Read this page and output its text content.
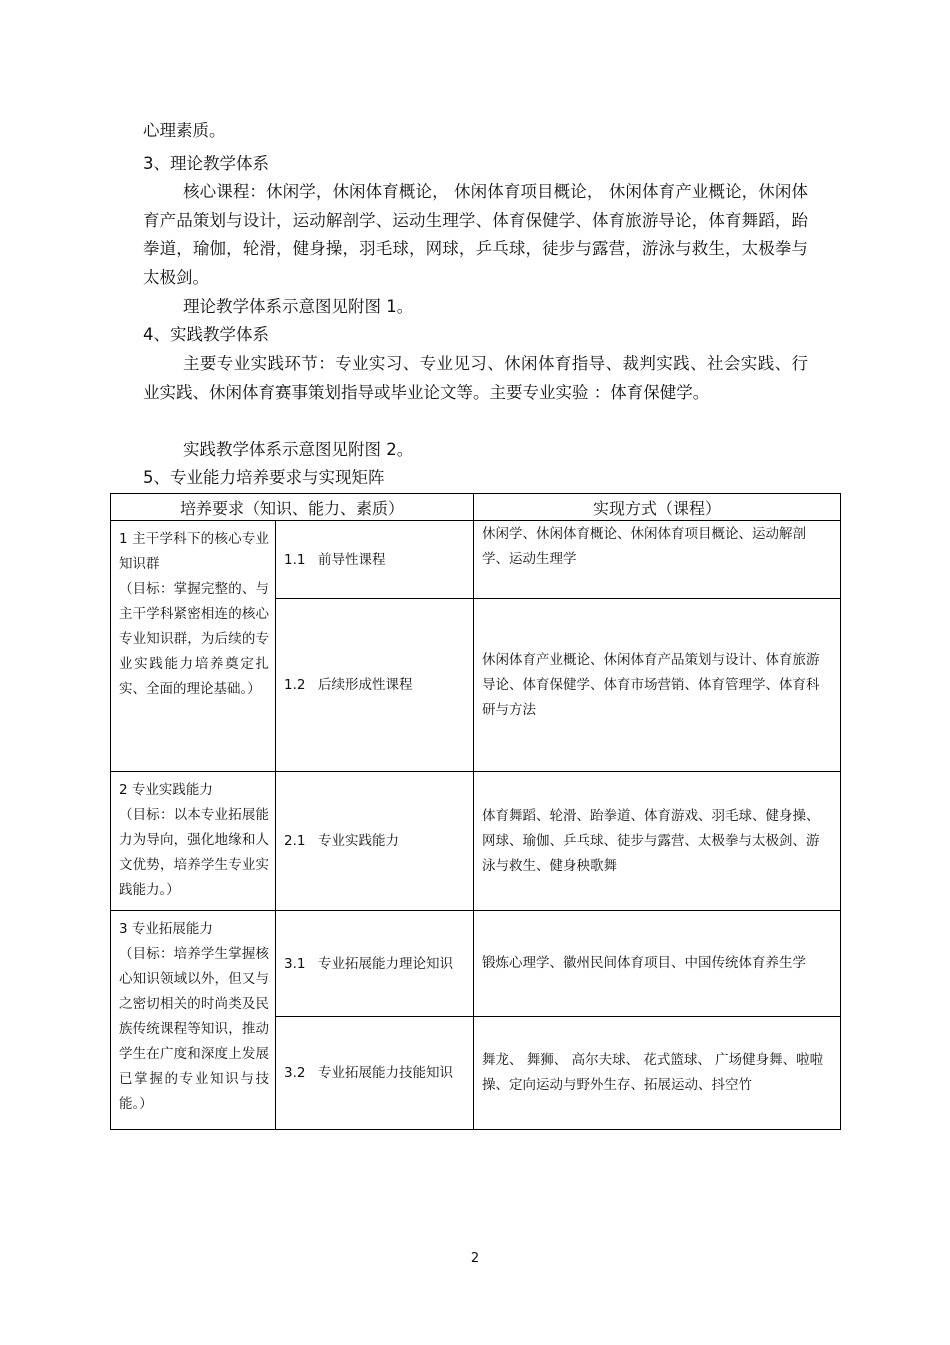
心理素质。
3、理论教学体系
核心课程：休闲学，休闲体育概论， 休闲体育项目概论， 休闲体育产业概论，休闲体育产品策划与设计，运动解剖学、运动生理学、体育保健学、体育旅游导论，体育舞蹈，跆拳道，瑜伽，轮滑，健身操，羽毛球，网球，乒乓球，徒步与露营，游泳与救生，太极拳与太极剑。
理论教学体系示意图见附图 1。
4、实践教学体系
主要专业实践环节：专业实习、专业见习、休闲体育指导、裁判实践、社会实践、行业实践、休闲体育赛事策划指导或毕业论文等。主要专业实验 ：体育保健学。
实践教学体系示意图见附图 2。
5、专业能力培养要求与实现矩阵
培养要求（知识、能力、素质）		实现方式（课程）

1 主干学科下的核心专业知识群
（目标：掌握完整的、与主干学科紧密相连的核心专业知识群，为后续的专业实践能力培养奠定扎实、全面的理论基础。）	1.1 前导性课程	休闲学、休闲体育概论、休闲体育项目概论、运动解剖学、运动生理学
	1.2 后续形成性课程	休闲体育产业概论、休闲体育产品策划与设计、体育旅游导论、体育保健学、体育市场营销、体育管理学、体育科研与方法

2 专业实践能力
（目标：以本专业拓展能力为导向，强化地缘和人文优势，培养学生专业实践能力。）	2.1 专业实践能力	体育舞蹈、轮滑、跆拳道、体育游戏、羽毛球、健身操、网球、瑜伽、乒乓球、徒步与露营、太极拳与太极剑、游泳与救生、健身秧歌舞

3 专业拓展能力
（目标：培养学生掌握核心知识领域以外，但又与之密切相关的时尚类及民族传统课程等知识，推动学生在广度和深度上发展已掌握的专业知识与技能。）	3.1 专业拓展能力理论知识	锻炼心理学、徽州民间体育项目、中国传统体育养生学
	3.2 专业拓展能力技能知识	舞龙、 舞狮、 高尔夫球、 花式篮球、 广场健身舞、啦啦操、定向运动与野外生存、拓展运动、抖空竹
2
